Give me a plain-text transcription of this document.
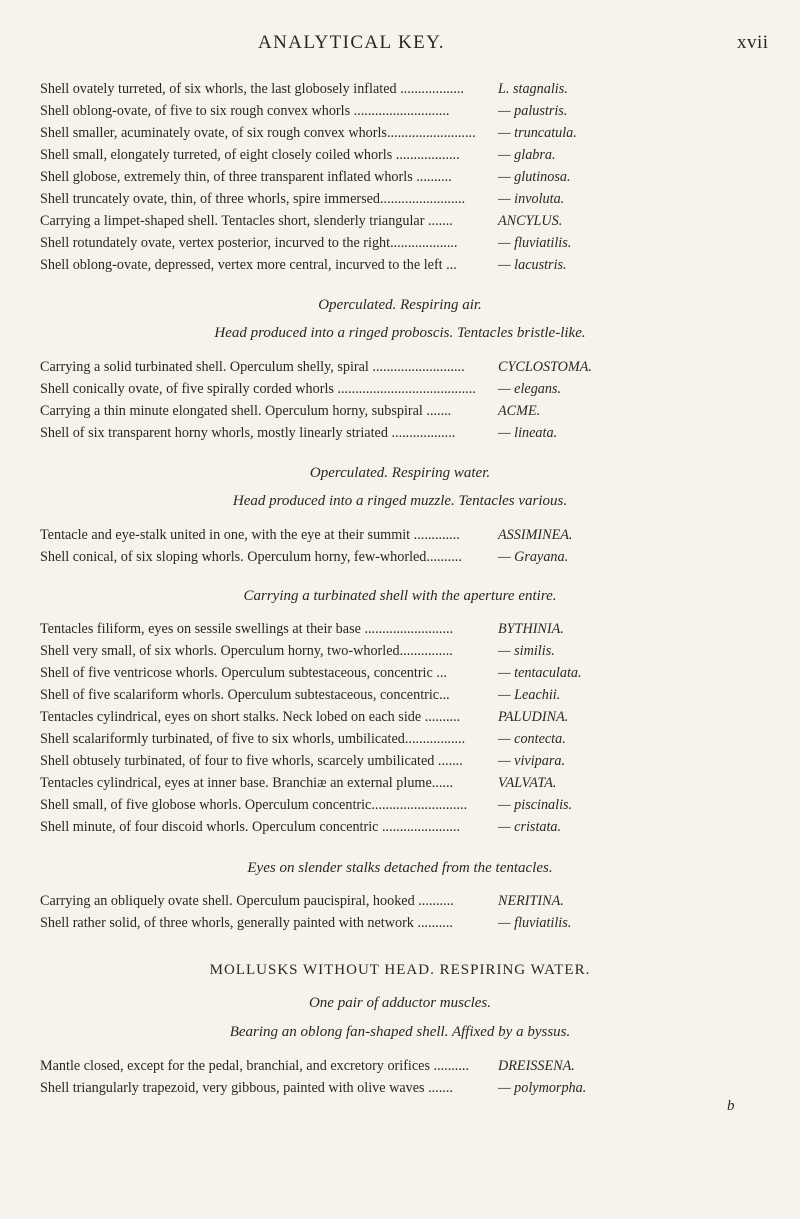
ANALYTICAL KEY.	xvii
Shell ovately turreted, of six whorls, the last globosely inflated ..................	L. stagnalis.
Shell oblong-ovate, of five to six rough convex whorls ...........................	— palustris.
Shell smaller, acuminately ovate, of six rough convex whorls.........................	— truncatula.
Shell small, elongately turreted, of eight closely coiled whorls ..................	— glabra.
Shell globose, extremely thin, of three transparent inflated whorls ..........	— glutinosa.
Shell truncately ovate, thin, of three whorls, spire immersed........................	— involuta.
Carrying a limpet-shaped shell. Tentacles short, slenderly triangular .......	ANCYLUS.
Shell rotundately ovate, vertex posterior, incurved to the right...................	— fluviatilis.
Shell oblong-ovate, depressed, vertex more central, incurved to the left ...	— lacustris.
Operculated. Respiring air.
Head produced into a ringed proboscis. Tentacles bristle-like.
Carrying a solid turbinated shell. Operculum shelly, spiral ..........................	CYCLOSTOMA.
Shell conically ovate, of five spirally corded whorls .......................................	— elegans.
Carrying a thin minute elongated shell. Operculum horny, subspiral .......	ACME.
Shell of six transparent horny whorls, mostly linearly striated ..................	— lineata.
Operculated. Respiring water.
Head produced into a ringed muzzle. Tentacles various.
Tentacle and eye-stalk united in one, with the eye at their summit .............	ASSIMINEA.
Shell conical, of six sloping whorls. Operculum horny, few-whorled..........	— Grayana.
Carrying a turbinated shell with the aperture entire.
Tentacles filiform, eyes on sessile swellings at their base .........................	BYTHINIA.
Shell very small, of six whorls. Operculum horny, two-whorled...............	— similis.
Shell of five ventricose whorls. Operculum subtestaceous, concentric ...	— tentaculata.
Shell of five scalariform whorls. Operculum subtestaceous, concentric...	— Leachii.
Tentacles cylindrical, eyes on short stalks. Neck lobed on each side ..........	PALUDINA.
Shell scalariformly turbinated, of five to six whorls, umbilicated.................	— contecta.
Shell obtusely turbinated, of four to five whorls, scarcely umbilicated .......	— vivipara.
Tentacles cylindrical, eyes at inner base. Branchiæ an external plume......	VALVATA.
Shell small, of five globose whorls. Operculum concentric...........................	— piscinalis.
Shell minute, of four discoid whorls. Operculum concentric ......................	— cristata.
Eyes on slender stalks detached from the tentacles.
Carrying an obliquely ovate shell. Operculum paucispiral, hooked ..........	NERITINA.
Shell rather solid, of three whorls, generally painted with network ..........	— fluviatilis.
MOLLUSKS WITHOUT HEAD. RESPIRING WATER.
One pair of adductor muscles.
Bearing an oblong fan-shaped shell. Affixed by a byssus.
Mantle closed, except for the pedal, branchial, and excretory orifices ..........	DREISSENA.
Shell triangularly trapezoid, very gibbous, painted with olive waves .......	— polymorpha.
b
